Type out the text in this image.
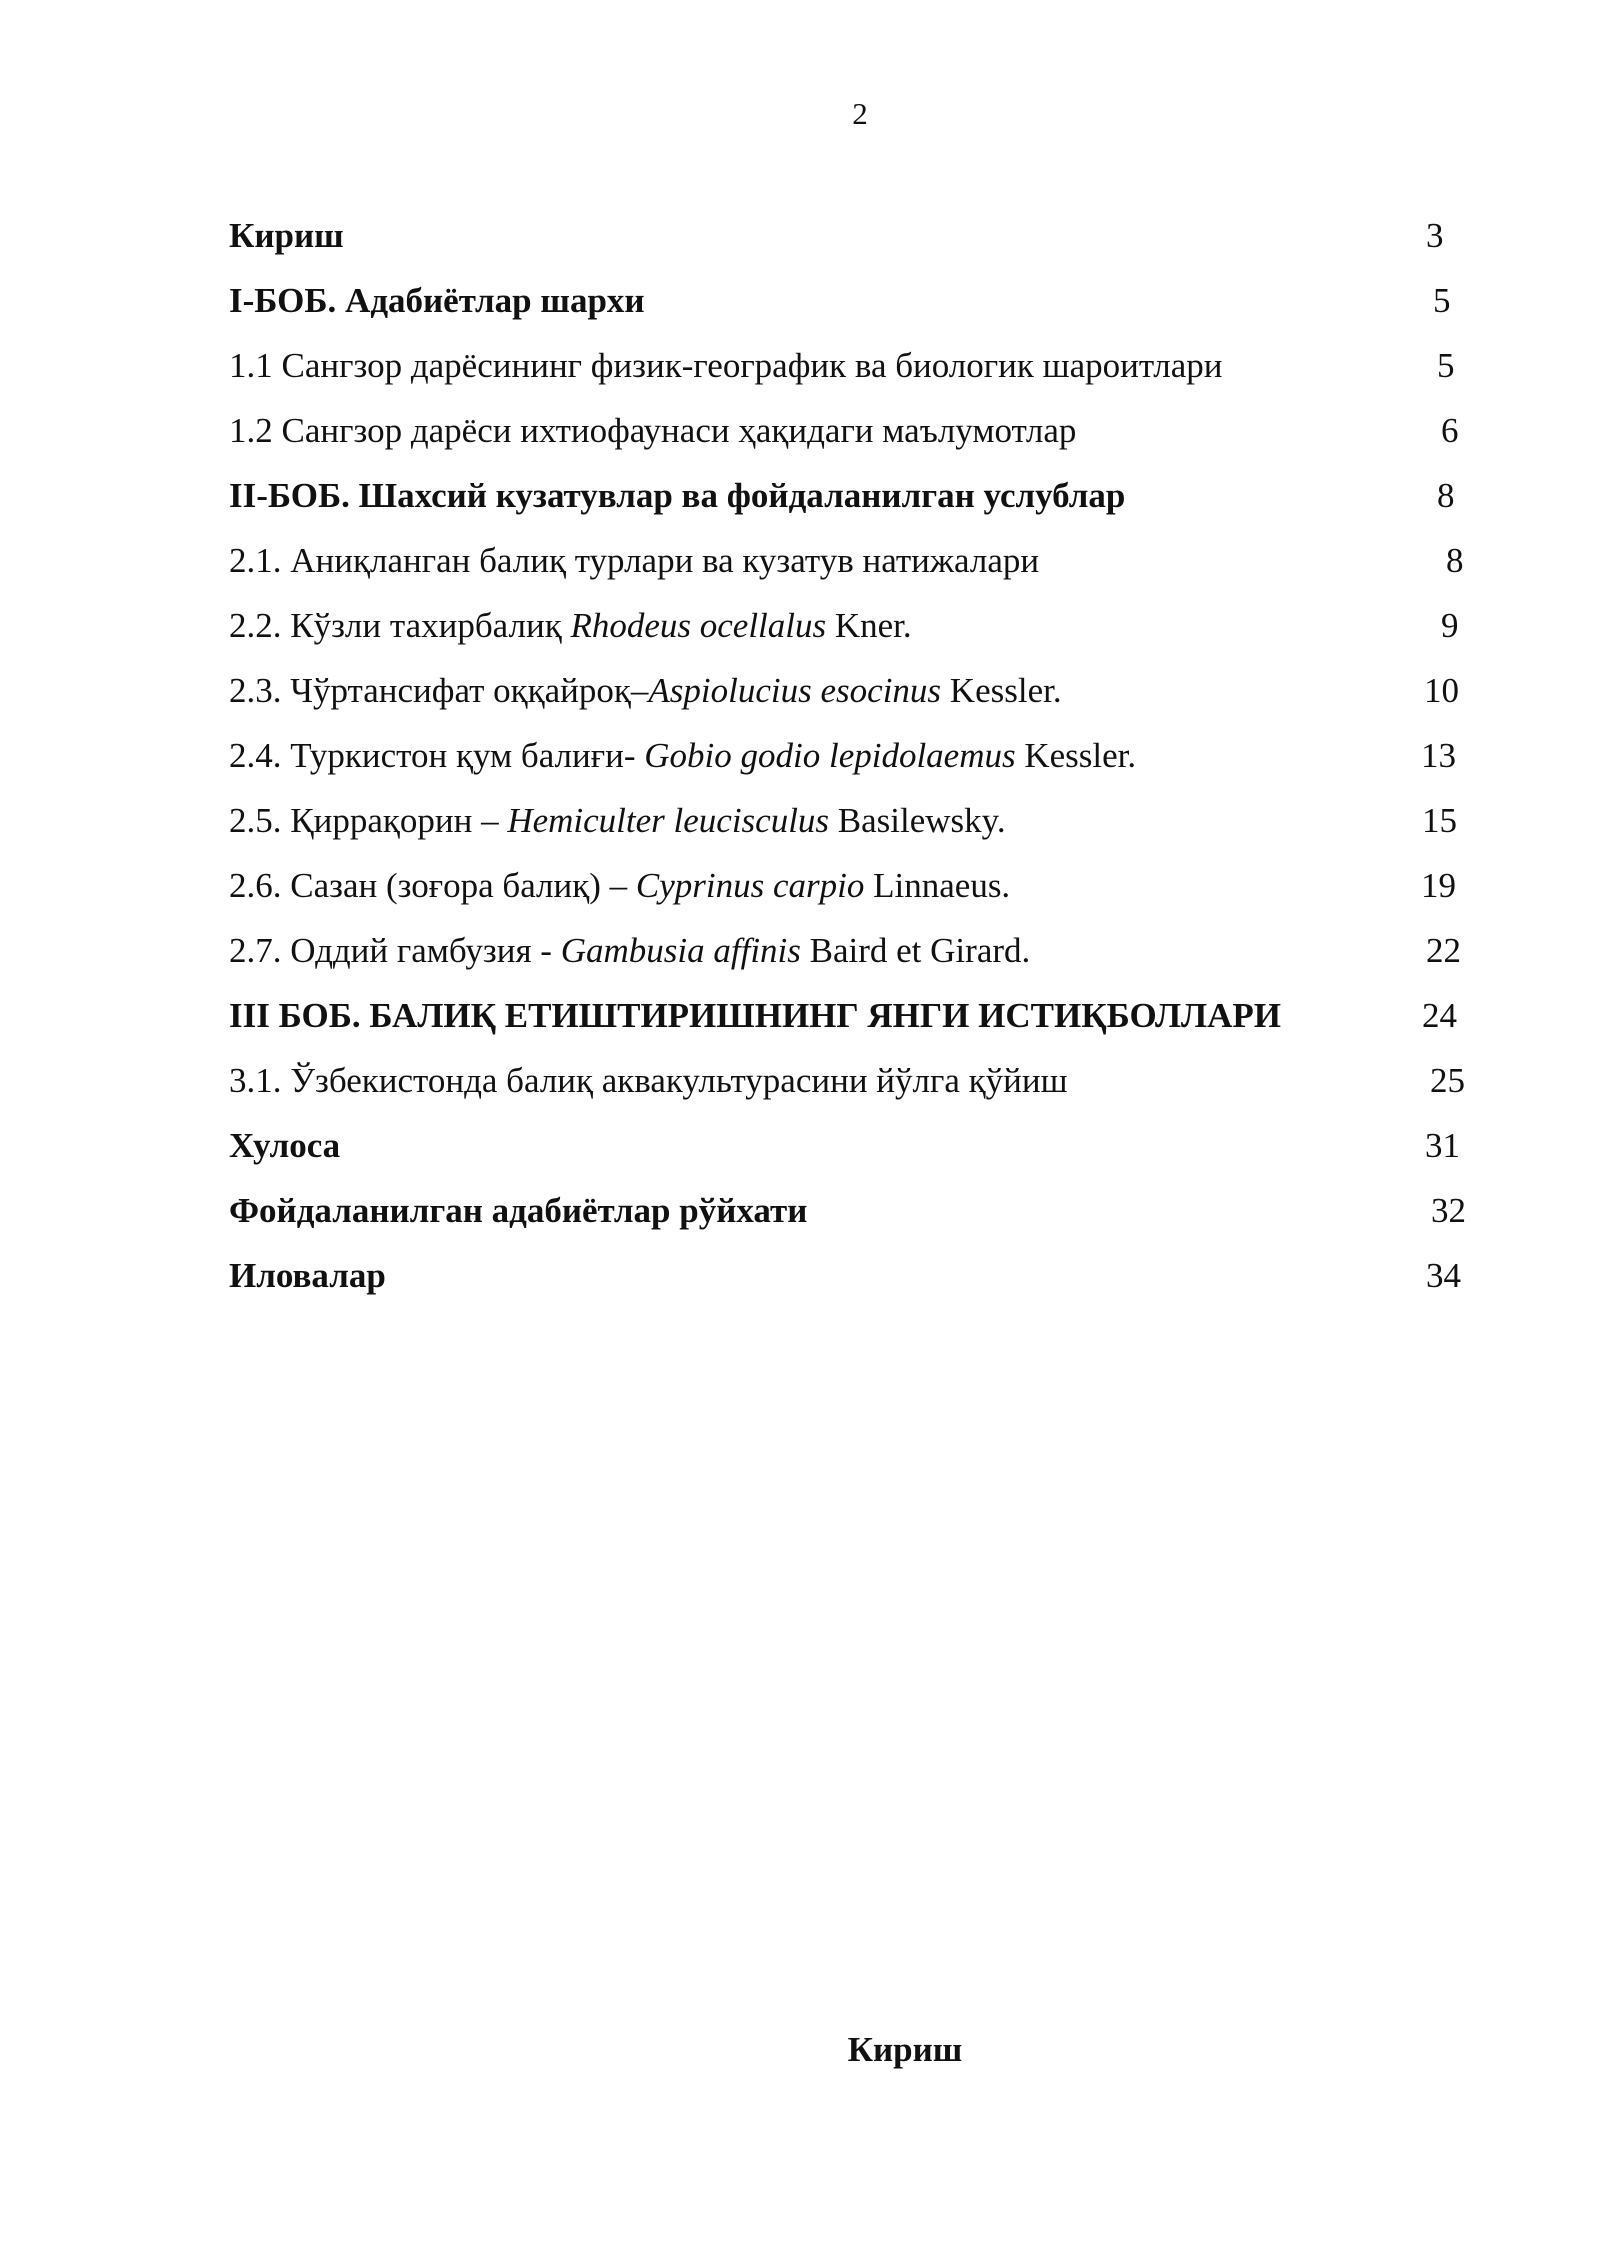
2
Кириш	3
I-БОБ. Адабиётлар шархи	5
1.1 Сангзор дарёсининг физик-географик ва биологик шароитлари	5
1.2 Сангзор дарёси ихтиофаунаси ҳақидаги маълумотлар	6
II-БОБ. Шахсий кузатувлар ва фойдаланилган услублар	8
2.1. Аниқланган балиқ турлари ва кузатув натижалари	8
2.2. Кўзли тахирбалиқ Rhodeus ocellalus Kner.	9
2.3. Чўртансифат оққайроқ–Aspiolucius esocinus Kessler.	10
2.4. Туркистон қум балиғи- Gobio godio lepidolaemus Kessler.	13
2.5. Қиррақорин – Hemiculter leucisculus Basilewsky.	15
2.6. Сазан (зоғора балиқ) – Cyprinus carpio Linnaeus.	19
2.7. Оддий гамбузия - Gambusia affinis Baird et Girard.	22
III БОБ. БАЛИҚ ЕТИШТИРИШНИНГ ЯНГИ ИСТИҚБОЛЛАРИ	24
3.1. Ўзбекистонда балиқ аквакультурасини йўлга қўйиш	25
Хулоса	31
Фойдаланилган адабиётлар рўйхати	32
Иловалар	34
Кириш
